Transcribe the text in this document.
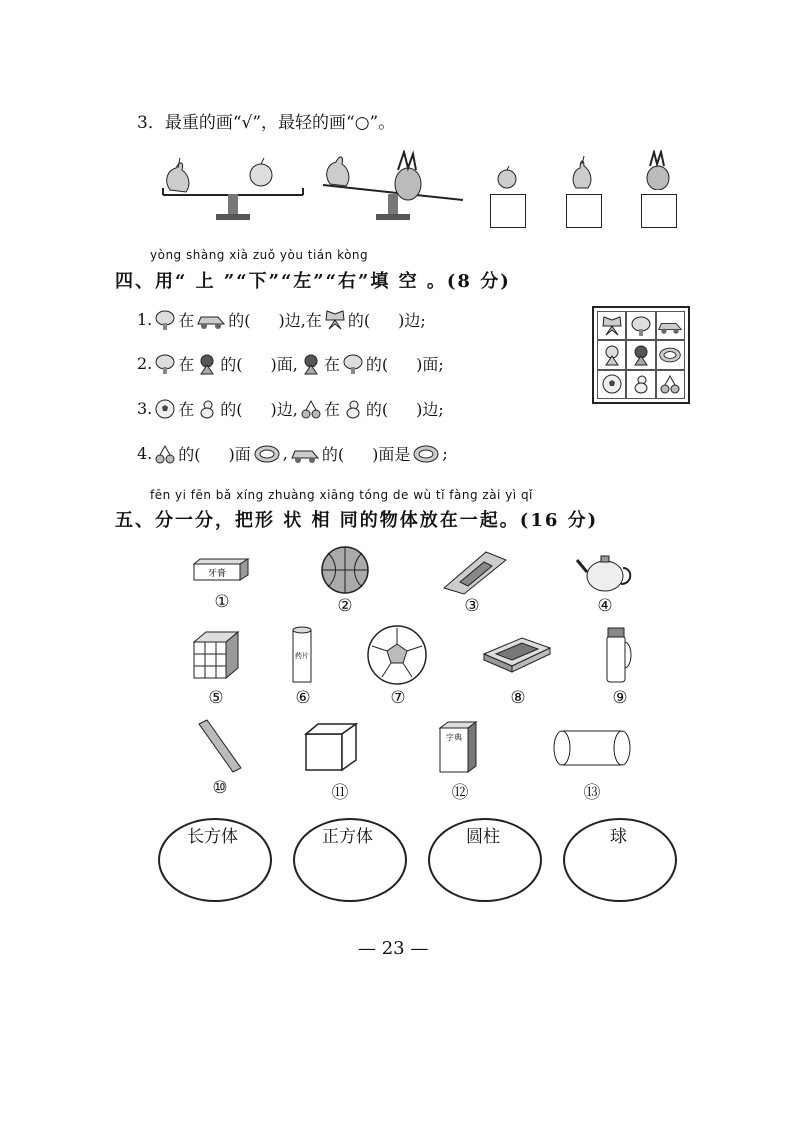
3．最重的画“√”，最轻的画“○”。
yòng shàng xià zuǒ yòu tián kòng
四、用“ 上 ”“下”“左”“右”填 空 。(8 分)
1. 在 的( )边,在 的( )边;
2. 在 的( )面, 在 的( )面;
3. 在 的( )边, 在 的( )边;
4. 的( )面 , 的( )面是 ;
fēn yi fēn bǎ xíng zhuàng xiāng tóng de wù tǐ fàng zài yì qǐ
五、分一分，把形 状 相 同的物体放在一起。(16 分)
牙膏
①	②	③	④
⑤
药片
⑥	⑦	⑧	⑨
⑩	⑪
字典
⑫	⑬
长方体	正方体	圆柱	球
— 23 —
